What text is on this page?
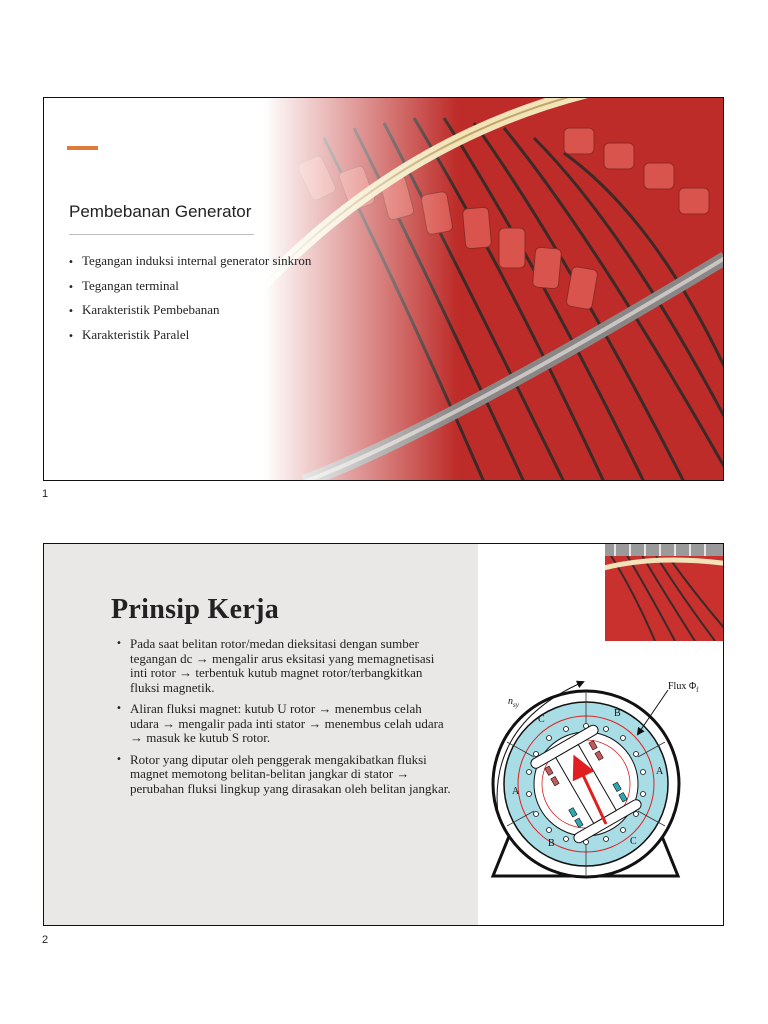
Pembebanan Generator
• Tegangan induksi internal generator sinkron
• Tegangan terminal
• Karakteristik Pembebanan
• Karakteristik Paralel
1
Prinsip Kerja
• Pada saat belitan rotor/medan dieksitasi dengan sumber tegangan dc → mengalir arus eksitasi yang memagnetisasi inti rotor → terbentuk kutub magnet rotor/terbangkitkan fluksi magnetik.
• Aliran fluksi magnet: kutub U rotor → menembus celah udara → mengalir pada inti stator → menembus celah udara → masuk ke kutub S rotor.
• Rotor yang diputar oleh penggerak mengakibatkan fluksi magnet memotong belitan-belitan jangkar di stator → perubahan fluksi lingkup yang dirasakan oleh belitan jangkar.
Flux $\Phi_f$
$n_{sy}$
C
B
A
A
B	C
2
